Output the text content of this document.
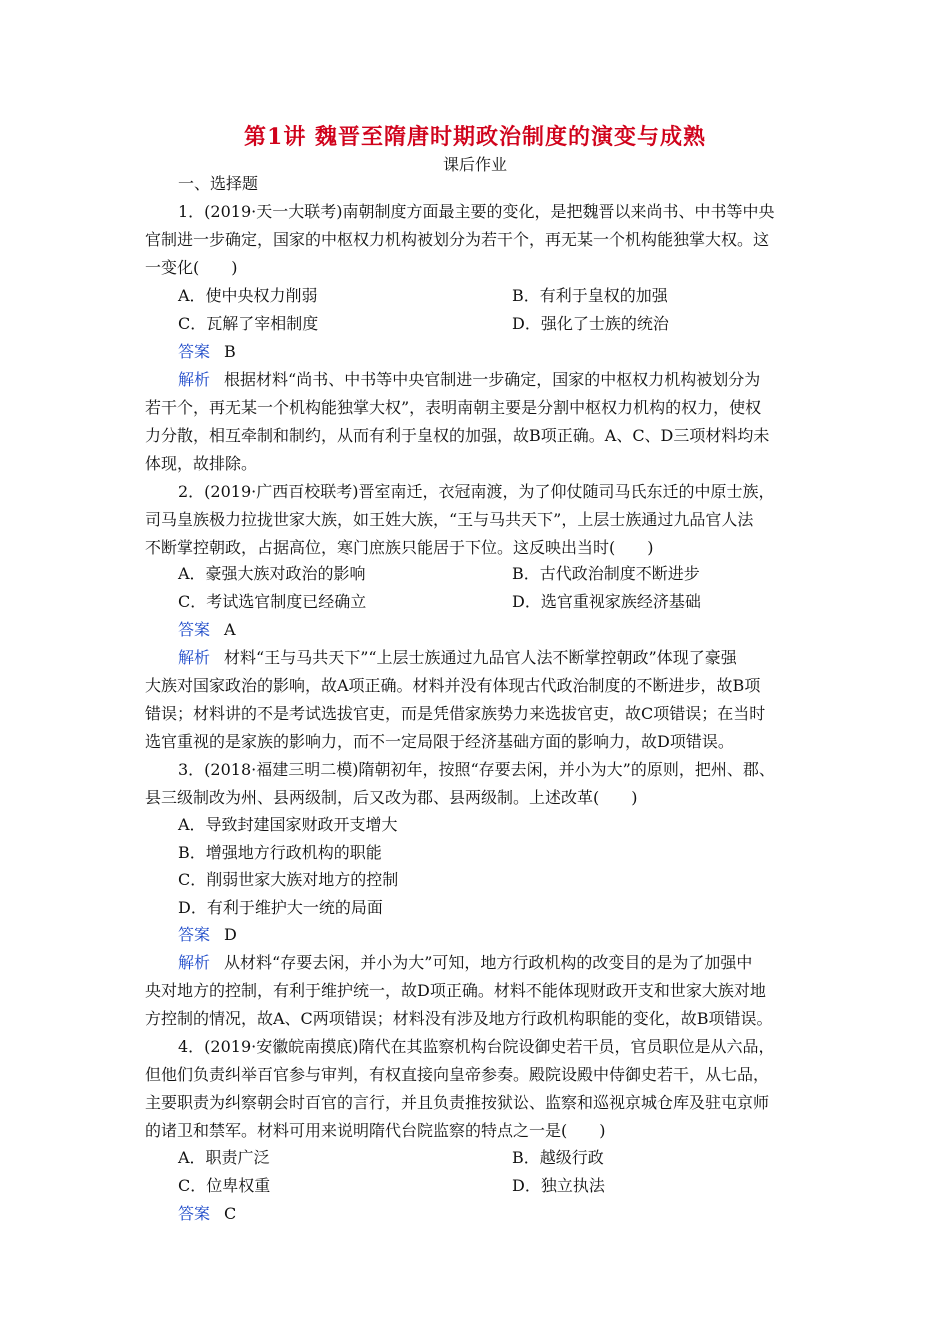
第1讲 魏晋至隋唐时期政治制度的演变与成熟
课后作业
一、选择题
1．(2019·天一大联考)南朝制度方面最主要的变化，是把魏晋以来尚书、中书等中央
官制进一步确定，国家的中枢权力机构被划分为若干个，再无某一个机构能独掌大权。这
一变化(　　)
A．使中央权力削弱	B．有利于皇权的加强
C．瓦解了宰相制度	D．强化了士族的统治
答案 B
解析 根据材料“尚书、中书等中央官制进一步确定，国家的中枢权力机构被划分为
若干个，再无某一个机构能独掌大权”，表明南朝主要是分割中枢权力机构的权力，使权
力分散，相互牵制和制约，从而有利于皇权的加强，故B项正确。A、C、D三项材料均未
体现，故排除。
2．(2019·广西百校联考)晋室南迁，衣冠南渡，为了仰仗随司马氏东迁的中原士族，
司马皇族极力拉拢世家大族，如王姓大族，“王与马共天下”，上层士族通过九品官人法
不断掌控朝政，占据高位，寒门庶族只能居于下位。这反映出当时(　　)
A．豪强大族对政治的影响	B．古代政治制度不断进步
C．考试选官制度已经确立	D．选官重视家族经济基础
答案 A
解析 材料“王与马共天下”“上层士族通过九品官人法不断掌控朝政”体现了豪强
大族对国家政治的影响，故A项正确。材料并没有体现古代政治制度的不断进步，故B项
错误；材料讲的不是考试选拔官吏，而是凭借家族势力来选拔官吏，故C项错误；在当时
选官重视的是家族的影响力，而不一定局限于经济基础方面的影响力，故D项错误。
3．(2018·福建三明二模)隋朝初年，按照“存要去闲，并小为大”的原则，把州、郡、
县三级制改为州、县两级制，后又改为郡、县两级制。上述改革(　　)
A．导致封建国家财政开支增大
B．增强地方行政机构的职能
C．削弱世家大族对地方的控制
D．有利于维护大一统的局面
答案 D
解析 从材料“存要去闲，并小为大”可知，地方行政机构的改变目的是为了加强中
央对地方的控制，有利于维护统一，故D项正确。材料不能体现财政开支和世家大族对地
方控制的情况，故A、C两项错误；材料没有涉及地方行政机构职能的变化，故B项错误。
4．(2019·安徽皖南摸底)隋代在其监察机构台院设御史若干员，官员职位是从六品，
但他们负责纠举百官参与审判，有权直接向皇帝参奏。殿院设殿中侍御史若干，从七品，
主要职责为纠察朝会时百官的言行，并且负责推按狱讼、监察和巡视京城仓库及驻屯京师
的诸卫和禁军。材料可用来说明隋代台院监察的特点之一是(　　)
A．职责广泛	B．越级行政
C．位卑权重	D．独立执法
答案 C
